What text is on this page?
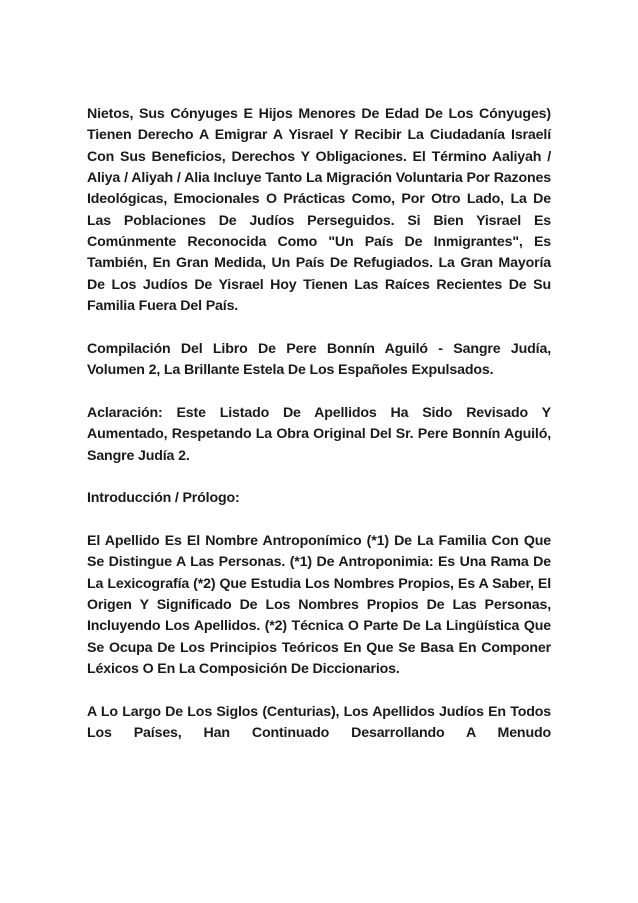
Nietos, Sus Cónyuges E Hijos Menores De Edad De Los Cónyuges) Tienen Derecho A Emigrar A Yisrael Y Recibir La Ciudadanía Israelí Con Sus Beneficios, Derechos Y Obligaciones. El Término Aaliyah / Aliya / Aliyah / Alia Incluye Tanto La Migración Voluntaria Por Razones Ideológicas, Emocionales O Prácticas Como, Por Otro Lado, La De Las Poblaciones De Judíos Perseguidos. Si Bien Yisrael Es Comúnmente Reconocida Como "Un País De Inmigrantes", Es También, En Gran Medida, Un País De Refugiados. La Gran Mayoría De Los Judíos De Yisrael Hoy Tienen Las Raíces Recientes De Su Familia Fuera Del País.

Compilación Del Libro De Pere Bonnín Aguiló - Sangre Judía, Volumen 2, La Brillante Estela De Los Españoles Expulsados.

Aclaración: Este Listado De Apellidos Ha Sido Revisado Y Aumentado, Respetando La Obra Original Del Sr. Pere Bonnín Aguiló, Sangre Judía 2.

Introducción / Prólogo:

El Apellido Es El Nombre Antroponímico (*1) De La Familia Con Que Se Distingue A Las Personas. (*1) De Antroponimia: Es Una Rama De La Lexicografía (*2) Que Estudia Los Nombres Propios, Es A Saber, El Origen Y Significado De Los Nombres Propios De Las Personas, Incluyendo Los Apellidos. (*2) Técnica O Parte De La Lingüística Que Se Ocupa De Los Principios Teóricos En Que Se Basa En Componer Léxicos O En La Composición De Diccionarios.

A Lo Largo De Los Siglos (Centurias), Los Apellidos Judíos En Todos Los Países, Han Continuado Desarrollando A Menudo
